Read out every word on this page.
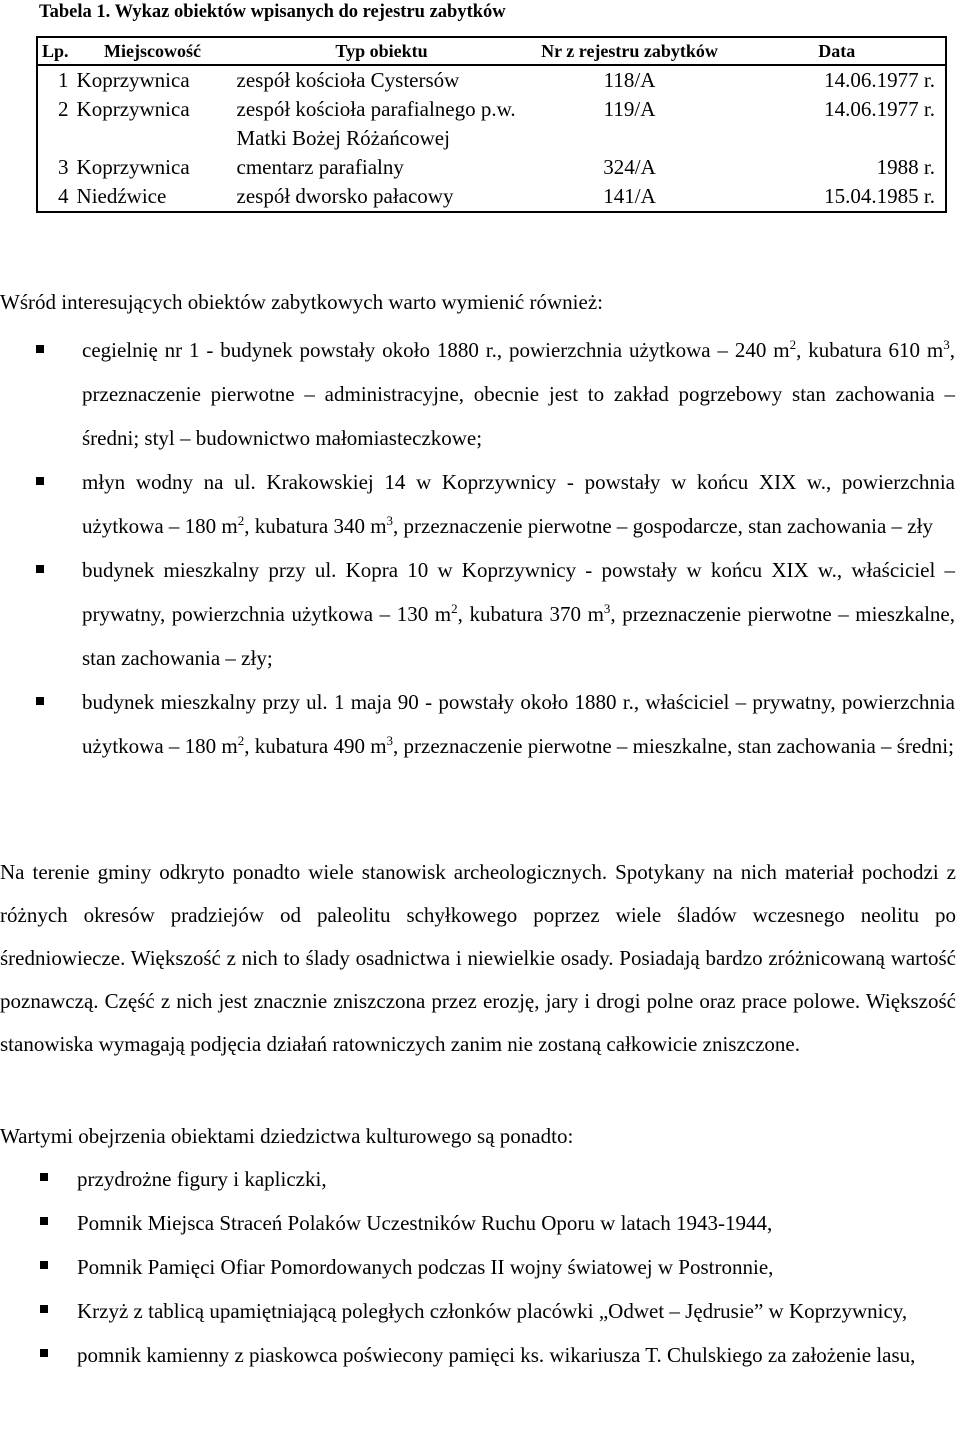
Tabela 1. Wykaz obiektów wpisanych do rejestru zabytków
Lp.	Miejscowość	Typ obiektu	Nr z rejestru zabytków	Data
1	Koprzywnica	zespół kościoła Cystersów	118/A	14.06.1977 r.
2	Koprzywnica	zespół kościoła parafialnego p.w. Matki Bożej Różańcowej	119/A	14.06.1977 r.
3	Koprzywnica	cmentarz parafialny	324/A	1988 r.
4	Niedźwice	zespół dworsko pałacowy	141/A	15.04.1985 r.
Wśród interesujących obiektów zabytkowych warto wymienić również:
cegielnię nr 1 - budynek powstały około 1880 r., powierzchnia użytkowa – 240 $m^2$, kubatura 610 $m^3$, przeznaczenie pierwotne – administracyjne, obecnie jest to zakład pogrzebowy stan zachowania – średni; styl – budownictwo małomiasteczkowe;
młyn wodny na ul. Krakowskiej 14 w Koprzywnicy - powstały w końcu XIX w., powierzchnia użytkowa – 180 $m^2$, kubatura 340 $m^3$, przeznaczenie pierwotne – gospodarcze, stan zachowania – zły
budynek mieszkalny przy ul. Kopra 10 w Koprzywnicy - powstały w końcu XIX w., właściciel – prywatny, powierzchnia użytkowa – 130 $m^2$, kubatura 370 $m^3$, przeznaczenie pierwotne – mieszkalne, stan zachowania – zły;
budynek mieszkalny przy ul. 1 maja 90 - powstały około 1880 r., właściciel – prywatny, powierzchnia użytkowa – 180 $m^2$, kubatura 490 $m^3$, przeznaczenie pierwotne – mieszkalne, stan zachowania – średni;
Na terenie gminy odkryto ponadto wiele stanowisk archeologicznych. Spotykany na nich materiał pochodzi z różnych okresów pradziejów od paleolitu schyłkowego poprzez wiele śladów wczesnego neolitu po średniowiecze. Większość z nich to ślady osadnictwa i niewielkie osady. Posiadają bardzo zróżnicowaną wartość poznawczą. Część z nich jest znacznie zniszczona przez erozję, jary i drogi polne oraz prace polowe. Większość stanowiska wymagają podjęcia działań ratowniczych zanim nie zostaną całkowicie zniszczone.
Wartymi obejrzenia obiektami dziedzictwa kulturowego są ponadto:
przydrożne figury i kapliczki,
Pomnik Miejsca Straceń Polaków Uczestników Ruchu Oporu w latach 1943-1944,
Pomnik Pamięci Ofiar Pomordowanych podczas II wojny światowej w Postronnie,
Krzyż z tablicą upamiętniającą poległych członków placówki „Odwet – Jędrusie” w Koprzywnicy,
pomnik kamienny z piaskowca poświecony pamięci ks. wikariusza T. Chulskiego za założenie lasu,
